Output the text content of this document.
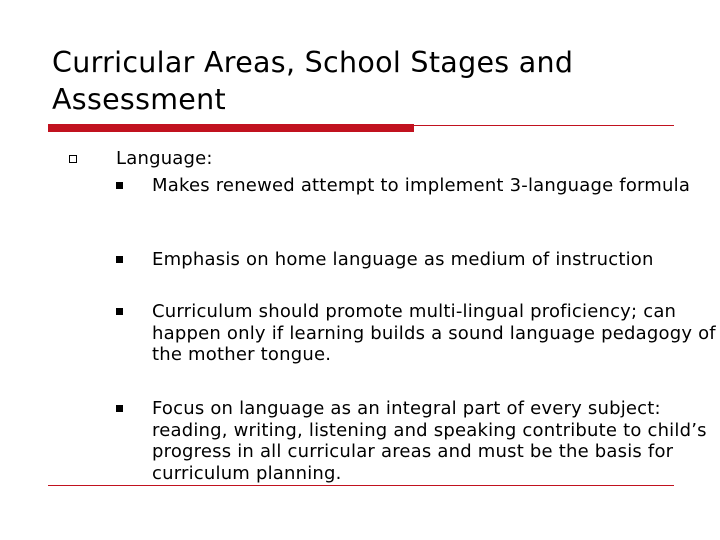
Curricular Areas, School Stages and Assessment
Language:
Makes renewed attempt to implement 3-language formula
Emphasis on home language as medium of instruction
Curriculum should promote multi-lingual proficiency; can happen only if learning builds a sound language pedagogy of the mother tongue.
Focus on language as an integral part of every subject: reading, writing, listening and speaking contribute to child’s progress in all curricular areas and must be the basis for curriculum planning.
